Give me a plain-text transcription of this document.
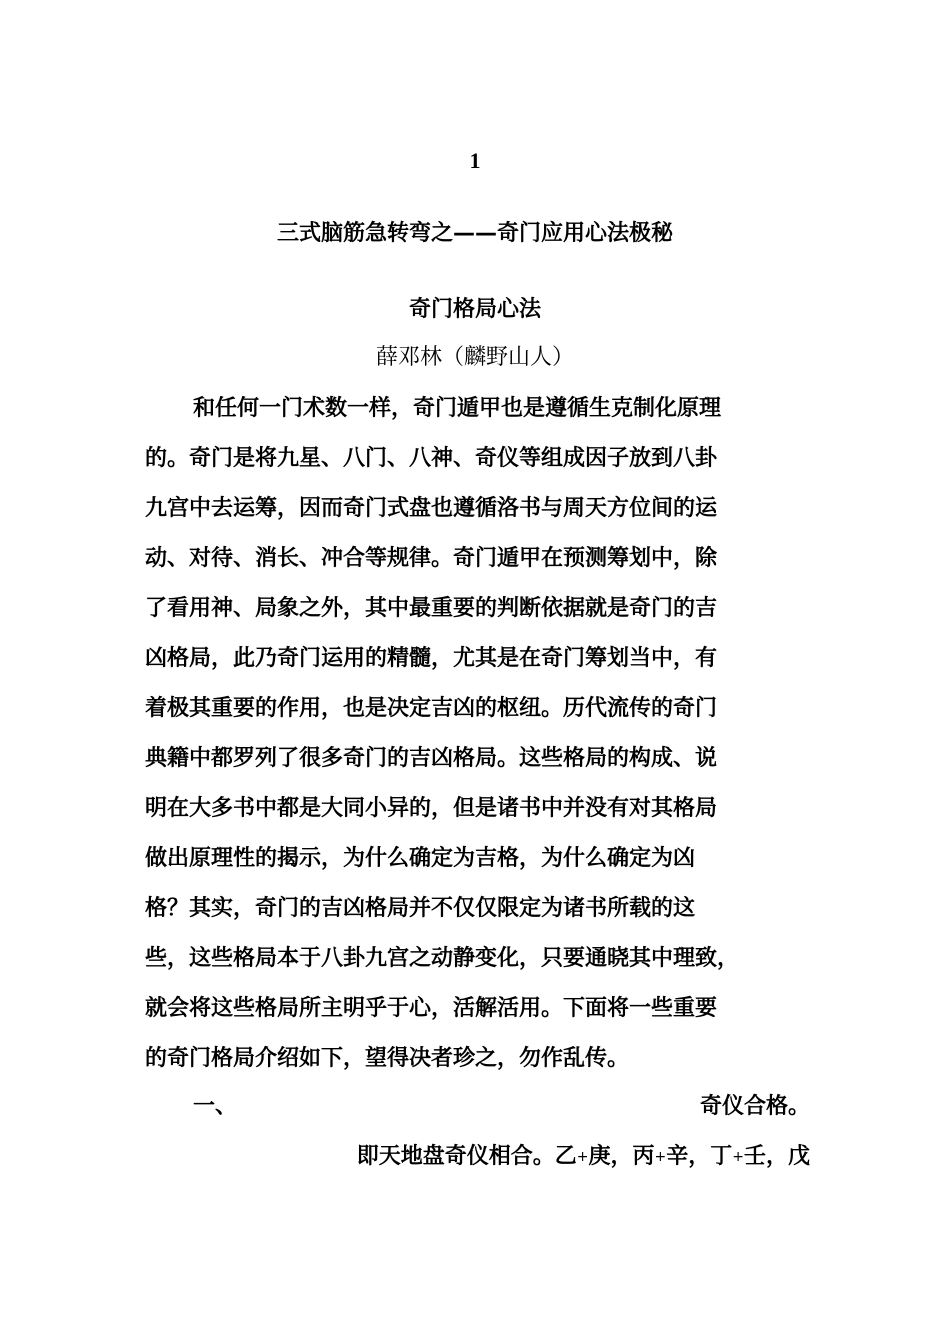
1
三式脑筋急转弯之——奇门应用心法极秘
奇门格局心法
薛邓林（麟野山人）
和任何一门术数一样，奇门遁甲也是遵循生克制化原理
的。奇门是将九星、八门、八神、奇仪等组成因子放到八卦
九宫中去运筹，因而奇门式盘也遵循洛书与周天方位间的运
动、对待、消长、冲合等规律。奇门遁甲在预测筹划中，除
了看用神、局象之外，其中最重要的判断依据就是奇门的吉
凶格局，此乃奇门运用的精髓，尤其是在奇门筹划当中，有
着极其重要的作用，也是决定吉凶的枢纽。历代流传的奇门
典籍中都罗列了很多奇门的吉凶格局。这些格局的构成、说
明在大多书中都是大同小异的，但是诸书中并没有对其格局
做出原理性的揭示，为什么确定为吉格，为什么确定为凶
格？其实，奇门的吉凶格局并不仅仅限定为诸书所载的这
些，这些格局本于八卦九宫之动静变化，只要通晓其中理致，
就会将这些格局所主明乎于心，活解活用。下面将一些重要
的奇门格局介绍如下，望得决者珍之，勿作乱传。
一、	奇仪合格。
即天地盘奇仪相合。乙+庚，丙+辛，丁+壬，戊
